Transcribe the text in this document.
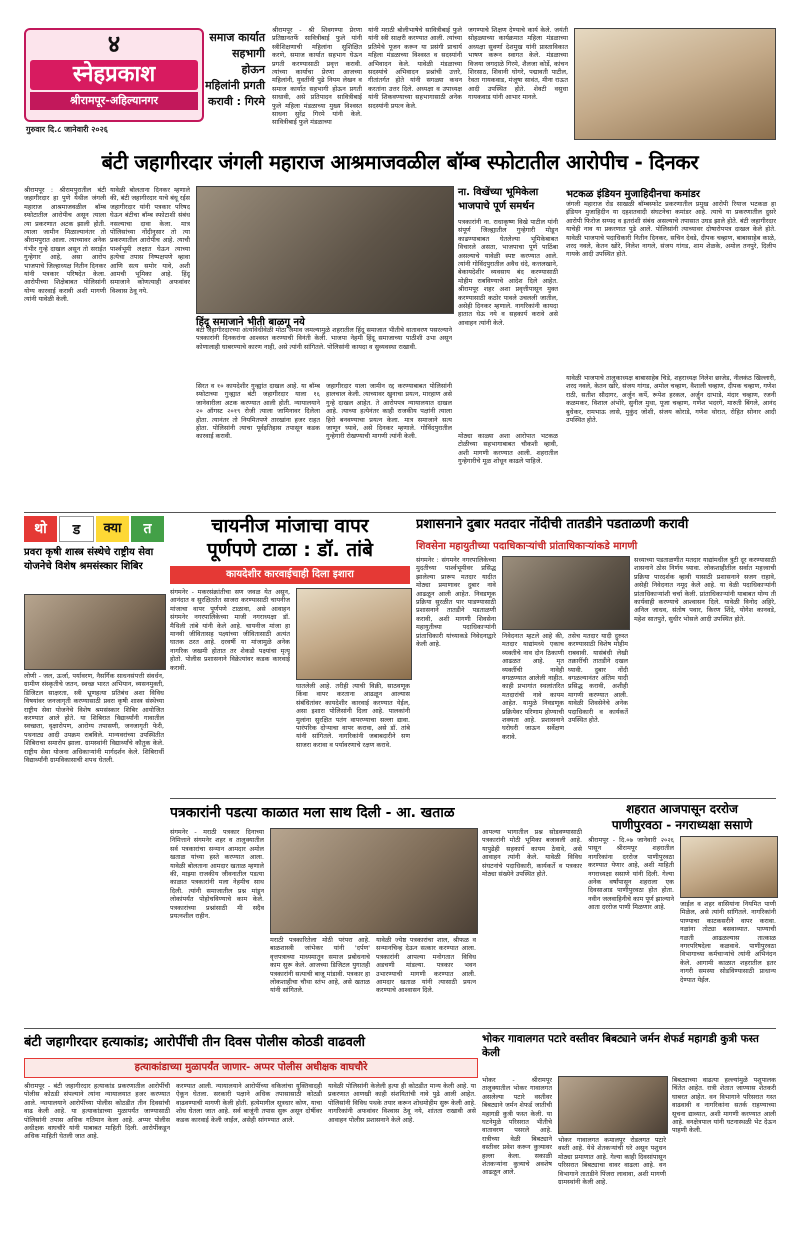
४
स्नेहप्रकाश
श्रीरामपूर-अहिल्यानगर
गुरुवार दि.८ जानेवारी २०२६
समाज कार्यात सहभागी होऊन महिलांनी प्रगती करावी : गिरमे
श्रीरामपूर - श्री शिवगण्या प्रेरणा प्रतिष्ठानतर्फे सावित्रीबाई फुले यांनी स्त्रीशिक्षणाची महिलांना सुशिक्षित करणे, समाज कार्यात सहभाग घेऊन प्रगती करण्यासाठी प्रवृत्त करावी. त्यांच्या कार्याचा प्रेरणा आजच्या महिलांनी, युवतींनी पुढे नियम लेखन व समाज कार्यात सहभागी होऊन प्रगती साधावी, असे प्रतिपादन सावित्रीबाई फुले महिला मंडळाच्या मुख्य विश्वस्त साधना सुरेंद्र गिरमे यांनी केले. सावित्रीबाई फुले मंडळाच्या
यांनी मराठी बोलीभाषेचे सावित्रीबाई फुले यांनी स्त्री साक्षरी करण्यात आली. त्यांच्या प्रतिमेचे पूजन करून या प्रसंगी प्राचार्य महिला मंडळाच्या विश्वस्त व सदस्यांनी अभिवादन केले. यावेळी मंडळाच्या सदस्यांचे अभिवादन प्रश्नांची उत्तरे, गीतांतर्गत होते यांनी सगळ्या कथन करतांना उत्तर दिले. अध्यक्षा व उपाध्यक्ष यांनी शिकवण्याच्या सहभागासाठी अनेक सदस्यांनी प्रयत्न केले.
जगण्याचे शिक्षण देण्याचे कार्य केले. जयंती सोहळ्याच्या कार्यक्रमात महिला मंडळाच्या अध्यक्षा सुवर्णा देशमुख यांनी प्रास्ताविकात भाषण करून स्वागत केले. मंडळाच्या विजया जगदाळे गिरमे, शैलजा कोर्डे, कांचन शिरसाठ, शिवानी घोगरे, पद्मावती पाटील, रेवता गायकवाड, मंजूषा सावंत, मीना राऊत आदी उपस्थित होते. शेवटी वसुधा गायकवाड यांनी आभार मानले.
बंटी जहागीरदार जंगली महाराज आश्रमाजवळील बॉम्ब स्फोटातील आरोपीच - दिनकर
श्रीरामपूर : श्रीरामपुरातील बंटी जहागीरदार हा पुणे येथील जंगली महाराज आश्रमाजवळील बॉम्ब स्फोटातील आरोपीच असून त्याला त्या प्रकरणात अटक झाली होती. त्याला जामीन मिळाल्यानंतर तो श्रीरामपुरात आला. त्याच्यावर अनेक गंभीर गुन्हे दाखल असून तो सराईत गुन्हेगार आहे, असा आरोप भाजपाचे जिल्हाध्यक्ष नितीन दिनकर यांनी पत्रकार परिषदेत केला. आरोपीच्या शिक्षेबाबत पोलिसांनी योग्य कारवाई करावी अशी मागणी त्यांनी यावेळी केली.
यावेळी बोलताना दिनकर म्हणाले की, बंटी जहागीरदार याचे बंधू रईस जहागीरदार यांनी पत्रकार परिषद घेऊन बंटीचा बॉम्ब स्फोटाशी संबंध नसल्याचा दावा केला. मात्र पोलिसांच्या नोंदीनुसार तो त्या प्रकरणातील आरोपीच आहे. त्याची पार्श्वभूमी लक्षात घेऊन त्याच्या हत्येचा तपास निष्पक्षपणे व्हावा आणि सत्य समोर यावे, अशी आमची भूमिका आहे. हिंदू समाजाने कोणत्याही अफवांवर विश्वास ठेवू नये.
हिंदू समाजाने भीती बाळगू नये
बंटी जहागीरदारच्या अंत्यविधीवेळी मोठा जमाव जमल्यामुळे शहरातील हिंदू समाजात भीतीचे वातावरण पसरल्याने पत्रकारांनी दिनकरांना आश्वस्त करण्याची विनंती केली. भाजपा नेहमी हिंदू समाजाच्या पाठीशी उभा असून कोणालाही घाबरण्याचे कारण नाही, असे त्यांनी सांगितले. पोलिसांनी कायदा व सुव्यवस्था राखावी.
सिरत व १० कायदेशीर गुन्ह्यांत दाखल आहे. या बॉम्ब स्फोटाच्या गुन्ह्यात बंटी जहागीरदार याला १६ जानेवारीला अटक करण्यात आली होती. न्यायालयाने २० ऑगस्ट २०१९ रोजी त्याला जामिनावर दिलेला होता. त्यानंतर तो नियमितपणे तारखांना हजर राहत होता. पोलिसांनी त्याचा पूर्वइतिहास तपासून कडक कारवाई करावी.
जहागीरदार याला जामीन रद्द करण्याबाबत पोलिसांनी हालचाल केली. त्याच्यावर खुनाचा प्रयत्न, मारहाण असे गुन्हे दाखल आहेत. ते आरोपपत्र न्यायालयात दाखल आहे. त्याच्या हत्येनंतर काही राजकीय पक्षांनी त्याला हिरो बनवण्याचा प्रयत्न केला. मात्र समाजाने सत्य जाणून घ्यावे, असे दिनकर म्हणाले. गोविंदपुरातील गुन्हेगारी रोखण्याची मागणी त्यांनी केली.
ना. विखेंच्या भूमिकेला भाजपाचे पूर्ण समर्थन
पत्रकारांनी ना. राधाकृष्ण विखे पाटील यांनी संपूर्ण जिल्ह्यातील गुन्हेगारी मोडून काढण्याबाबत घेतलेल्या भूमिकेबाबत विचारले असता, भाजपाचा पूर्ण पाठिंबा असल्याचे यावेळी स्पष्ट करण्यात आले. त्यांनी गोविंदपुरातील अवैध धंदे, कत्तलखाने, बेकायदेशीर व्यवसाय बंद करण्यासाठी मोहीम राबविण्याचे आदेश दिले आहेत. श्रीरामपूर शहर अशा प्रवृत्तीपासून मुक्त करण्यासाठी कठोर पावले उचलली जातील, असेही दिनकर म्हणाले. नागरिकांनी कायदा हातात घेऊ नये व सहकार्य करावे असे आवाहन त्यांनी केले.
मोठ्या काळ्या अशा आरोपात भटकळ टोळीच्या सहभागाबाबत चौकशी व्हावी, अशी मागणी करण्यात आली. शहरातील गुन्हेगारीचे मूळ शोधून काढले पाहिजे.
भटकळ इंडियन मुजाहिदीनचा कमांडर
जंगली महाराज रोड साखळी बॉम्बस्फोट प्रकरणातील प्रमुख आरोपी रियाज भटकळ हा इंडियन मुजाहिदीन या दहशतवादी संघटनेचा कमांडर आहे. त्याचे या प्रकरणातील दुसरे आरोपी फिरोज सय्यद व इतरांशी संबंध असल्याचे तपासात उघड झाले होते. बंटी जहागीरदार याचेही नाव या प्रकरणात पुढे आले. पोलिसांनी त्याच्यावर दोषारोपपत्र दाखल केले होते. यावेळी भाजपाचे पदाधिकारी नितीन दिनकर, सचिन देवडे, दीपक चव्हाण, बाबासाहेब काळे, शरद नवले, केतन खोरे, निलेश नागले, संजय गांगड, शाम शेळके, अमोल तनपुरे, दिलीप गायके आदी उपस्थित होते.
यावेळी भाजपाचे तालुकाध्यक्ष बाबासाहेब चिडे, शहराध्यक्ष निलेश छाजेड, नीलकंठ खिल्लारी, शरद नवले, केतन खोरे, संजय गांगड, अमोल चव्हाण, वैशाली चव्हाण, दीपक चव्हाण, गणेश राठी, सतीश सौदागर, अर्जुन कर्पे, रूपेश हरकल, अर्जुन दाभाडे, मंदार चव्हाण, रजनी कळमकर, विशाल अंभोरे, सुनील मुथा, पूजा चव्हाण, गणेश भदरगे, मारुती बिंगले, आनंद बुधेकर, रामभाऊ लासे, मुकुंद जोशी, संजय कोराडे, गणेश थोरात, रोहित सोनार आदी उपस्थित होते.
थो	ड	क्या	त
प्रवरा कृषी शास्त्र संस्थेचे राष्ट्रीय सेवा योजनेचे विशेष श्रमसंस्कार शिबिर
लोणी - जल, ऊर्जा, पर्यावरण, नैसर्गिक साधनसंपत्ती संवर्धन, ग्रामीण संस्कृतीचे जतन, स्वच्छ भारत अभियान, व्यसनमुक्ती, डिजिटल साक्षरता, स्त्री भ्रूणहत्या प्रतिबंध अशा विविध विषयांवर जनजागृती करण्यासाठी प्रवरा कृषी शास्त्र संस्थेच्या राष्ट्रीय सेवा योजनेचे विशेष श्रमसंस्कार शिबिर आयोजित करण्यात आले होते. या शिबिरात विद्यार्थ्यांनी गावातील स्वच्छता, वृक्षारोपण, आरोग्य तपासणी, जनजागृती फेरी, पथनाट्य आदी उपक्रम राबविले. मान्यवरांच्या उपस्थितीत शिबिराचा समारोप झाला. ग्रामस्थांनी विद्यार्थ्यांचे कौतुक केले. राष्ट्रीय सेवा योजना अधिकाऱ्यांनी मार्गदर्शन केले. शिबिरार्थी विद्यार्थ्यांनी ग्रामविकासाची शपथ घेतली.
चायनीज मांजाचा वापर
पूर्णपणे टाळा : डॉ. तांबे
कायदेशीर कारवाईचाही दिला इशारा
संगमनेर - मकरसंक्रांतीचा सण जवळ येत असून, आनंदात व सुरक्षिततेत साजरा करण्यासाठी चायनीज मांजाचा वापर पूर्णपणे टाळावा, असे आवाहन संगमनेर नगरपालिकेच्या माजी नगराध्यक्षा डॉ. मैथिली तांबे यांनी केले आहे. चायनीज मांजा हा मानवी जीवितासह पक्ष्यांच्या जीवितासाठी अत्यंत घातक ठरत आहे. दरवर्षी या मांजामुळे अनेक नागरिक जखमी होतात तर शेकडो पक्ष्यांचा मृत्यू होतो. पोलीस प्रशासनाने विक्रेत्यांवर कडक कारवाई करावी.
घातलेली आहे. तरीही त्याची विक्री, साठवणूक किंवा वापर करताना आढळून आल्यास संबंधितांवर कायदेशीर कारवाई करण्यात येईल, असा इशारा पोलिसांनी दिला आहे. पालकांनी मुलांना सुरक्षित पतंग वापरण्याचा सल्ला द्यावा. पारंपरिक दोऱ्याचा वापर करावा, असे डॉ. तांबे यांनी सांगितले. नागरिकांनी जबाबदारीने सण साजरा करावा व पर्यावरणाचे रक्षण करावे.
प्रशासनाने दुबार मतदार नोंदीची तातडीने पडताळणी करावी
शिवसेना महायुतीच्या पदाधिकाऱ्यांची प्रांताधिकाऱ्यांकडे मागणी
संगमनेर : संगमनेर नगरपालिकेच्या मुदतीच्या पार्श्वभूमीवर प्रसिद्ध झालेल्या प्रारूप मतदार यादीत मोठ्या प्रमाणावर दुबार नावे आढळून आली आहेत. निवडणूक प्रक्रिया सुरळीत पार पाडण्यासाठी प्रशासनाने तातडीने पडताळणी करावी, अशी मागणी शिवसेना महायुतीच्या पदाधिकाऱ्यांनी प्रांताधिकारी यांच्याकडे निवेदनाद्वारे केली आहे.
निवेदनात म्हटले आहे की, मतदार याद्यांमध्ये एकाच व्यक्तीचे नाव दोन ठिकाणी आढळत आहे. मृत व्यक्तींची नावेही वगळण्यात आलेली नाहीत. काही प्रभागांत स्थलांतरित मतदारांची नावे कायम आहेत. यामुळे निवडणूक प्रक्रियेवर परिणाम होण्याची शक्यता आहे. प्रशासनाने घरोघरी जाऊन सर्वेक्षण करावे.
तसेच मतदार यादी दुरुस्त करण्यासाठी विशेष मोहीम राबवावी. यासंबंधी लेखी तक्रारींची तातडीने दखल घ्यावी. दुबार नोंदी वगळल्यानंतर अंतिम यादी प्रसिद्ध करावी, अशीही मागणी करण्यात आली. यावेळी शिवसेनेचे अनेक पदाधिकारी व कार्यकर्ते उपस्थित होते.
सध्याच्या पडताळणीत मतदार याद्यांमधील त्रुटी दूर करण्यासाठी शासनाने ठोस निर्णय घ्यावा. लोकशाहीतील सर्वात महत्त्वाची प्रक्रिया पारदर्शक व्हावी यासाठी प्रशासनाने सजग राहावे, असेही निवेदनात नमूद केले आहे. या वेळी पदाधिकाऱ्यांनी प्रांताधिकाऱ्यांशी चर्चा केली. प्रांताधिकाऱ्यांनी याबाबत योग्य ती कार्यवाही करण्याचे आश्वासन दिले. यावेळी विनोद अहिरे, अनिल जाधव, संतोष पवार, किरण शिंदे, योगेश कानवडे, महेश सातपुते, सुधीर भोसले आदी उपस्थित होते.
पत्रकारांनी पडत्या काळात मला साथ दिली - आ. खताळ
संगमनेर - मराठी पत्रकार दिनाच्या निमित्ताने संगमनेर शहर व तालुक्यातील सर्व पत्रकारांचा सन्मान आमदार अमोल खताळ यांच्या हस्ते करण्यात आला. यावेळी बोलताना आमदार खताळ म्हणाले की, माझ्या राजकीय जीवनातील पडत्या काळात पत्रकारांनी मला नेहमीच साथ दिली. त्यांनी समाजातील प्रश्न मांडून लोकांपर्यंत पोहोचविण्याचे काम केले. पत्रकारांच्या प्रश्नांसाठी मी सदैव प्रयत्नशील राहीन.
मराठी पत्रकारितेला मोठी परंपरा आहे. बाळशास्त्री जांभेकर यांनी 'दर्पण' वृत्तपत्राच्या माध्यमातून समाज प्रबोधनाचे काम सुरू केले. आजच्या डिजिटल युगातही पत्रकारांनी सत्याची बाजू मांडावी. पत्रकार हा लोकशाहीचा चौथा स्तंभ आहे, असे खताळ यांनी सांगितले.
यावेळी ज्येष्ठ पत्रकारांचा शाल, श्रीफळ व सन्मानचिन्ह देऊन सत्कार करण्यात आला. पत्रकारांनी आपल्या मनोगतात विविध अडचणी मांडल्या. पत्रकार भवन उभारण्याची मागणी करण्यात आली. आमदार खताळ यांनी त्यासाठी प्रयत्न करण्याचे आश्वासन दिले.
आपल्या भागातील प्रश्न सोडवण्यासाठी पत्रकारांनी मोठी भूमिका बजावली आहे. यापुढेही सहकार्य कायम ठेवावे, असे आवाहन त्यांनी केले. यावेळी विविध संघटनांचे पदाधिकारी, कार्यकर्ते व पत्रकार मोठ्या संख्येने उपस्थित होते.
शहरात आजपासून दररोज
पाणीपुरवठा - नगराध्यक्षा ससाणे
श्रीरामपूर - दि.०७ जानेवारी २०२६ पासून श्रीरामपूर शहरातील नागरिकांना दररोज पाणीपुरवठा करण्यात येणार आहे, अशी माहिती नगराध्यक्षा ससाणे यांनी दिली. गेल्या अनेक वर्षांपासून शहराला एक दिवसाआड पाणीपुरवठा होत होता. नवीन जलवाहिनीचे काम पूर्ण झाल्याने आता दररोज पाणी मिळणार आहे.	जाईल व शहर वासियांना नियमित पाणी मिळेल, असे त्यांनी सांगितले. नागरिकांनी पाण्याचा काटकसरीने वापर करावा. नळांना तोट्या बसवाव्यात. पाण्याची गळती आढळल्यास तात्काळ नगरपरिषदेला कळवावे. पाणीपुरवठा विभागाच्या कर्मचाऱ्यांचे त्यांनी अभिनंदन केले. आगामी काळात शहरातील इतर नागरी समस्या सोडविण्यासाठी प्राधान्य देण्यात येईल.
बंटी जहागीरदार हत्याकांड; आरोपींची तीन दिवस पोलीस कोठडी वाढवली
हत्याकांडाच्या मुळापर्यंत जाणार- अप्पर पोलीस अधीक्षक वाघचौरे
श्रीरामपूर - बंटी जहागीरदार हत्याकांड प्रकरणातील आरोपींची पोलीस कोठडी संपल्याने त्यांना न्यायालयात हजर करण्यात आले. न्यायालयाने आरोपींच्या पोलीस कोठडीत तीन दिवसांची वाढ केली आहे. या हत्याकांडाच्या मुळापर्यंत जाण्यासाठी पोलिसांनी तपास अधिक गतिमान केला आहे. अप्पर पोलीस अधीक्षक वाघचौरे यांनी याबाबत माहिती दिली. आरोपींकडून अधिक माहिती घेतली जात आहे.
करण्यात आली. न्यायालयाने आरोपींच्या वकिलांचा युक्तिवादही ऐकून घेतला. सरकारी पक्षाने अधिक तपासासाठी कोठडी वाढवण्याची मागणी केली होती. हत्येमागील सूत्रधार कोण, याचा शोध घेतला जात आहे. सर्व बाजूंनी तपास सुरू असून दोषींवर कडक कारवाई केली जाईल, असेही सांगण्यात आले.
यावेळी पोलिसांनी केलेली हत्या ही कोठडीत मान्य केली आहे. या प्रकरणात आणखी काही संशयितांची नावे पुढे आली आहेत. पोलिसांनी विविध पथके तयार करून शोधमोहीम सुरू केली आहे. नागरिकांनी अफवांवर विश्वास ठेवू नये, शांतता राखावी असे आवाहन पोलीस प्रशासनाने केले आहे.
भोकर गावालगत पटारे वस्तीवर बिबट्याने जर्मन शेफर्ड महागडी कुत्री फस्त केली
भोकर - श्रीरामपूर तालुक्यातील भोकर गावालगत असलेल्या पटारे वस्तीवर बिबट्याने जर्मन शेफर्ड जातीची महागडी कुत्री फस्त केली. या घटनेमुळे परिसरात भीतीचे वातावरण पसरले आहे. रात्रीच्या वेळी बिबट्याने वस्तीवर प्रवेश करून कुत्र्यावर हल्ला केला. सकाळी शेतकऱ्यांना कुत्र्याचे अवशेष आढळून आले.
भोकर गावालगत कमालपूर रोडलगत पटारे वस्ती आहे. येथे शेतकऱ्यांची घरे असून पशुधन मोठ्या प्रमाणात आहे. गेल्या काही दिवसांपासून परिसरात बिबट्याचा वावर वाढला आहे. वन विभागाने तातडीने पिंजरा लावावा, अशी मागणी ग्रामस्थांनी केली आहे.
बिबट्याच्या वाढत्या हल्ल्यांमुळे पशुपालक चिंतेत आहेत. रात्री शेतात जाण्यास शेतकरी घाबरत आहेत. वन विभागाने परिसरात गस्त वाढवावी व नागरिकांना सतर्क राहण्याच्या सूचना द्याव्यात, अशी मागणी करण्यात आली आहे. वनक्षेत्रपाल यांनी घटनास्थळी भेट देऊन पाहणी केली.
